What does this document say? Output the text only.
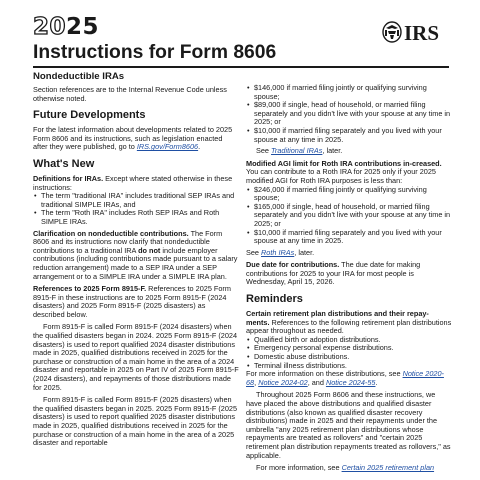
2025	IRS
Instructions for Form 8606
Nondeductible IRAs

Section references are to the Internal Revenue Code unless otherwise noted.

Future Developments

For the latest information about developments related to 2025 Form 8606 and its instructions, such as legislation enacted after they were published, go to IRS.gov/Form8606.

What's New

Definitions for IRAs. Except where stated otherwise in these instructions:

• The term "traditional IRA" includes traditional SEP IRAs and traditional SIMPLE IRAs, and
• The term "Roth IRA" includes Roth SEP IRAs and Roth SIMPLE IRAs.

Clarification on nondeductible contributions. The Form 8606 and its instructions now clarify that nondeductible contributions to a traditional IRA do not include employer contributions (including contributions made pursuant to a salary reduction arrangement) made to a SEP IRA under a SEP arrangement or to a SIMPLE IRA under a SIMPLE IRA plan.

References to 2025 Form 8915-F. References to 2025 Form 8915-F in these instructions are to 2025 Form 8915-F (2024 disasters) and 2025 Form 8915-F (2025 disasters) as described below.

Form 8915-F is called Form 8915-F (2024 disasters) when the qualified disasters began in 2024. 2025 Form 8915-F (2024 disasters) is used to report qualified 2024 disaster distributions made in 2025, qualified distributions received in 2025 for the purchase or construction of a main home in the area of a 2024 disaster and reportable in 2025 on Part IV of 2025 Form 8915-F (2024 disasters), and repayments of those distributions made for 2025.

Form 8915-F is called Form 8915-F (2025 disasters) when the qualified disasters began in 2025. 2025 Form 8915-F (2025 disasters) is used to report qualified 2025 disaster distributions made in 2025, qualified distributions received in 2025 for the purchase or construction of a main home in the area of a 2025 disaster and reportable

• $146,000 if married filing jointly or qualifying surviving spouse;
• $89,000 if single, head of household, or married filing separately and you didn't live with your spouse at any time in 2025; or
• $10,000 if married filing separately and you lived with your spouse at any time in 2025.

See Traditional IRAs, later.

Modified AGI limit for Roth IRA contributions in-creased. You can contribute to a Roth IRA for 2025 only if your 2025 modified AGI for Roth IRA purposes is less than:

• $246,000 if married filing jointly or qualifying surviving spouse;
• $165,000 if single, head of household, or married filing separately and you didn't live with your spouse at any time in 2025; or
• $10,000 if married filing separately and you lived with your spouse at any time in 2025.

See Roth IRAs, later.

Due date for contributions. The due date for making contributions for 2025 to your IRA for most people is Wednesday, April 15, 2026.

Reminders

Certain retirement plan distributions and their repay-ments. References to the following retirement plan distributions appear throughout as needed.

• Qualified birth or adoption distributions.
• Emergency personal expense distributions.
• Domestic abuse distributions.
• Terminal illness distributions.

For more information on these distributions, see Notice 2020-68, Notice 2024-02, and Notice 2024-55.

Throughout 2025 Form 8606 and these instructions, we have placed the above distributions and qualified disaster distributions (also known as qualified disaster recovery distributions) made in 2025 and their repayments under the umbrella "any 2025 retirement plan distributions whose repayments are treated as rollovers" and "certain 2025 retirement plan distribution repayments treated as rollovers," as applicable.

For more information, see Certain 2025 retirement plan
